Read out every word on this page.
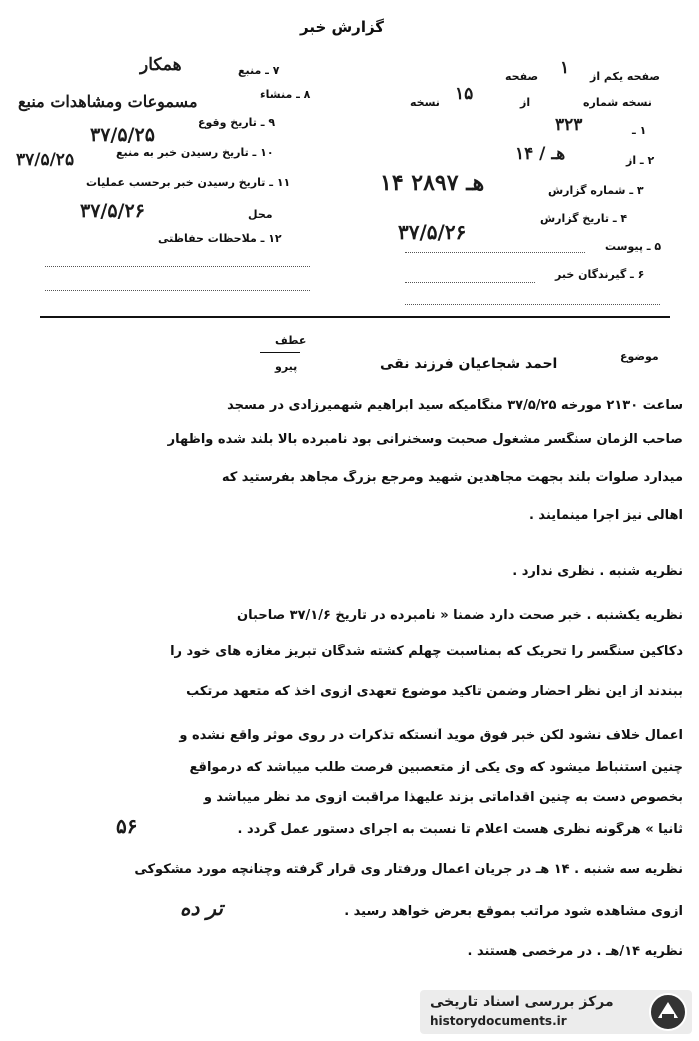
گزارش خبر
صفحه یکم از
۱
صفحه
نسخه شماره
از
نسخه ۱۵
۱ ـ
۳۲۳
۲ ـ از
۱۴ / هـ
۳ ـ شماره گزارش
۱۴ هـ ۲۸۹۷
۴ ـ تاریخ گزارش
۳۷/۵/۲۶
۵ ـ پیوست
۶ ـ گیرندگان خبر
۷ ـ منبع
همکار
۸ ـ منشاء
مسموعات ومشاهدات منبع
۹ ـ تاریخ وقوع
۳۷/۵/۲۵
۱۰ ـ تاریخ رسیدن خبر به منبع
۳۷/۵/۲۵
۱۱ ـ تاریخ رسیدن خبر برحسب عملیات
محل
۳۷/۵/۲۶
۱۲ ـ ملاحظات حفاظتی
موضوع
احمد شجاعیان فرزند نقی
عطف
پیرو
ساعت ۲۱۳۰ مورخه ۳۷/۵/۲۵ منگامیکه سید ابراهیم شهمیرزادی در مسجد
صاحب الزمان سنگسر مشغول صحبت وسخنرانی بود نامبرده بالا بلند شده واظهار
میدارد صلوات بلند بجهت مجاهدین شهید ومرجع بزرگ مجاهد بفرستید که
اهالی نیز اجرا مینمایند .
نظریه شنبه . نظری ندارد .
نظریه یکشنبه . خبر صحت دارد ضمنا « نامبرده در تاریخ ۳۷/۱/۶ صاحبان
دکاکین سنگسر را تحریک که بمناسبت چهلم کشته شدگان تبریز مغازه های خود را
ببندند از این نظر احضار وضمن تاکید موضوع تعهدی ازوی اخذ که متعهد مرتکب
اعمال خلاف نشود لکن خبر فوق موید آنستکه تذکرات در روی موثر واقع نشده و
چنین استنباط میشود که وی یکی از متعصبین فرصت طلب میباشد که درمواقع
بخصوص دست به چنین اقداماتی بزند علیهذا مراقبت ازوی مد نظر میباشد و
ثانیا » هرگونه نظری هست اعلام تا نسبت به اجرای دستور عمل گردد .
نظریه سه شنبه . ۱۴ هـ در جریان اعمال ورفتار وی قرار گرفته وچنانچه مورد مشکوکی
ازوی مشاهده شود مراتب بموقع بعرض خواهد رسید .
نظریه ۱۴/هـ . در مرخصی هستند .
۵۶
تر ده
مرکز بررسی اسناد تاریخی
historydocuments.ir
